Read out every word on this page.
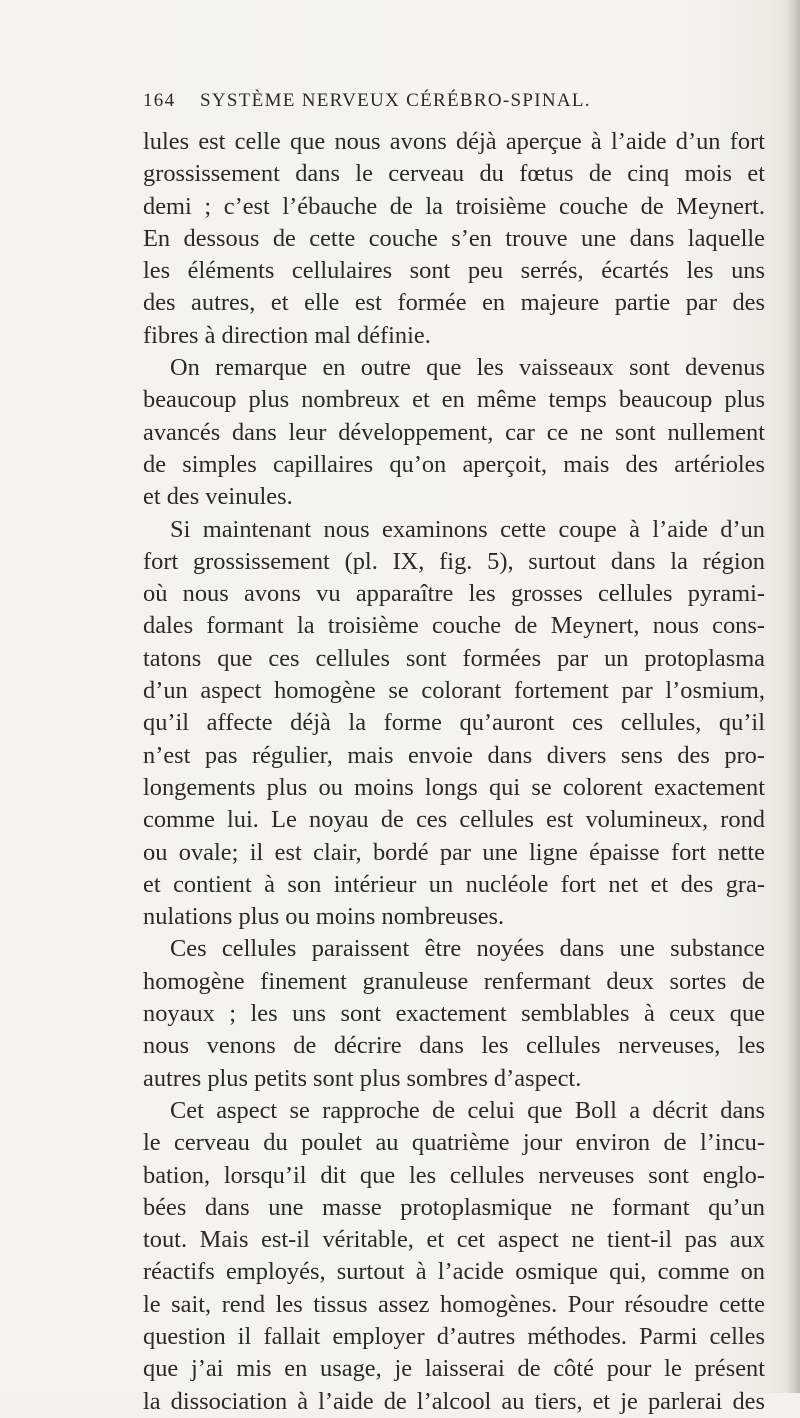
164 SYSTÈME NERVEUX CÉRÉBRO-SPINAL.
lules est celle que nous avons déjà aperçue à l’aide d’un fort
grossissement dans le cerveau du fœtus de cinq mois et
demi ; c’est l’ébauche de la troisième couche de Meynert.
En dessous de cette couche s’en trouve une dans laquelle
les éléments cellulaires sont peu serrés, écartés les uns
des autres, et elle est formée en majeure partie par des
fibres à direction mal définie.
On remarque en outre que les vaisseaux sont devenus
beaucoup plus nombreux et en même temps beaucoup plus
avancés dans leur développement, car ce ne sont nullement
de simples capillaires qu’on aperçoit, mais des artérioles
et des veinules.
Si maintenant nous examinons cette coupe à l’aide d’un
fort grossissement (pl. IX, fig. 5), surtout dans la région
où nous avons vu apparaître les grosses cellules pyrami-
dales formant la troisième couche de Meynert, nous cons-
tatons que ces cellules sont formées par un protoplasma
d’un aspect homogène se colorant fortement par l’osmium,
qu’il affecte déjà la forme qu’auront ces cellules, qu’il
n’est pas régulier, mais envoie dans divers sens des pro-
longements plus ou moins longs qui se colorent exactement
comme lui. Le noyau de ces cellules est volumineux, rond
ou ovale; il est clair, bordé par une ligne épaisse fort nette
et contient à son intérieur un nucléole fort net et des gra-
nulations plus ou moins nombreuses.
Ces cellules paraissent être noyées dans une substance
homogène finement granuleuse renfermant deux sortes de
noyaux ; les uns sont exactement semblables à ceux que
nous venons de décrire dans les cellules nerveuses, les
autres plus petits sont plus sombres d’aspect.
Cet aspect se rapproche de celui que Boll a décrit dans
le cerveau du poulet au quatrième jour environ de l’incu-
bation, lorsqu’il dit que les cellules nerveuses sont englo-
bées dans une masse protoplasmique ne formant qu’un
tout. Mais est-il véritable, et cet aspect ne tient-il pas aux
réactifs employés, surtout à l’acide osmique qui, comme on
le sait, rend les tissus assez homogènes. Pour résoudre cette
question il fallait employer d’autres méthodes. Parmi celles
que j’ai mis en usage, je laisserai de côté pour le présent
la dissociation à l’aide de l’alcool au tiers, et je parlerai des
